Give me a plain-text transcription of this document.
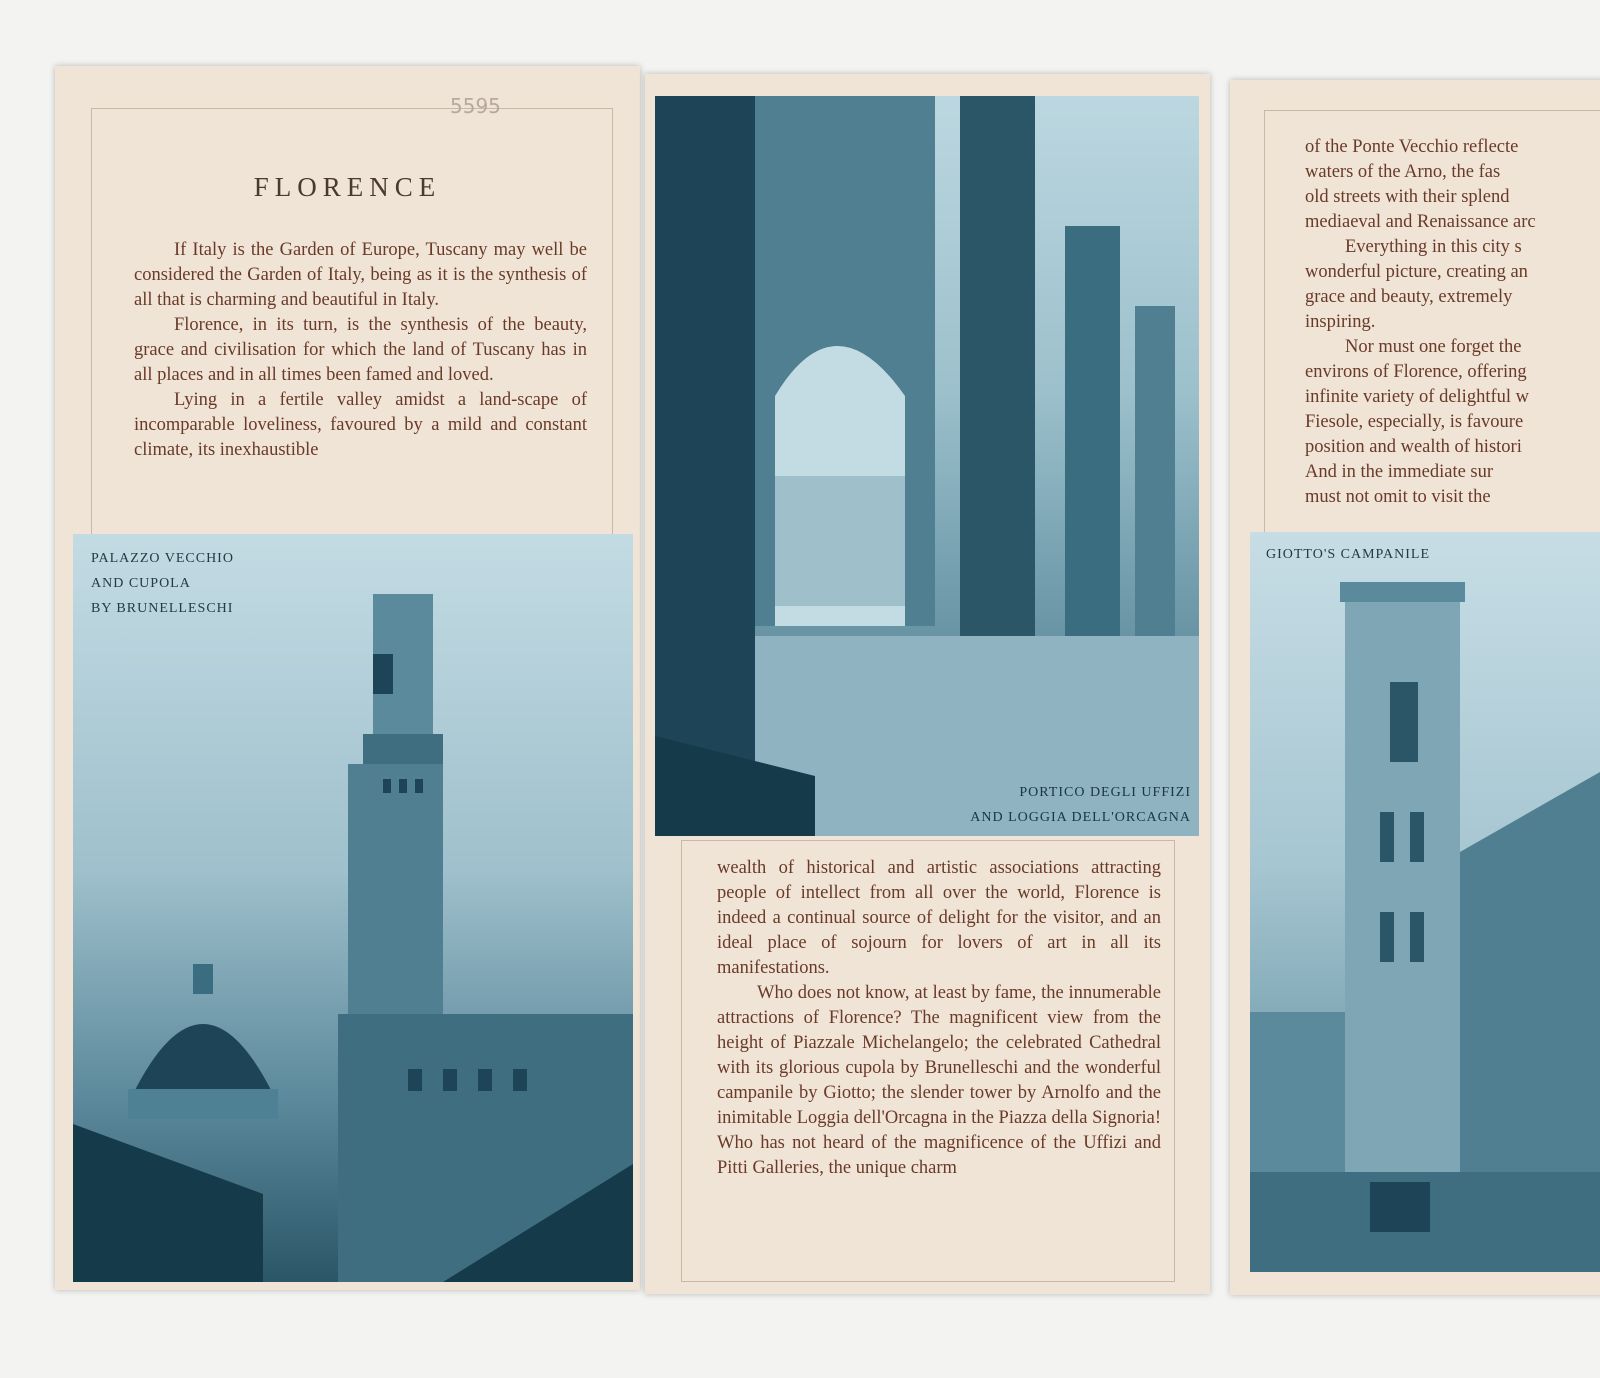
5595
FLORENCE

If Italy is the Garden of Europe, Tuscany may well be considered the Garden of Italy, being as it is the synthesis of all that is charming and beautiful in Italy.

Florence, in its turn, is the synthesis of the beauty, grace and civilisation for which the land of Tuscany has in all places and in all times been famed and loved.

Lying in a fertile valley amidst a land-scape of incomparable loveliness, favoured by a mild and constant climate, its inexhaustible

PALAZZO VECCHIO
AND CUPOLA
BY BRUNELLESCHI
PORTICO DEGLI UFFIZI
AND LOGGIA DELL'ORCAGNA

wealth of historical and artistic associations attracting people of intellect from all over the world, Florence is indeed a continual source of delight for the visitor, and an ideal place of sojourn for lovers of art in all its manifestations.

Who does not know, at least by fame, the innumerable attractions of Florence? The magnificent view from the height of Piazzale Michelangelo; the celebrated Cathedral with its glorious cupola by Brunelleschi and the wonderful campanile by Giotto; the slender tower by Arnolfo and the inimitable Loggia dell'Orcagna in the Piazza della Signoria! Who has not heard of the magnificence of the Uffizi and Pitti Galleries, the unique charm

of the Ponte Vecchio reflecte
waters of the Arno, the fas
old streets with their splend
mediaeval and Renaissance arc
Everything in this city s
wonderful picture, creating an
grace and beauty, extremely
inspiring.
Nor must one forget the
environs of Florence, offering
infinite variety of delightful w
Fiesole, especially, is favoure
position and wealth of histori
And in the immediate sur
must not omit to visit the
GIOTTO'S CAMPANILE
